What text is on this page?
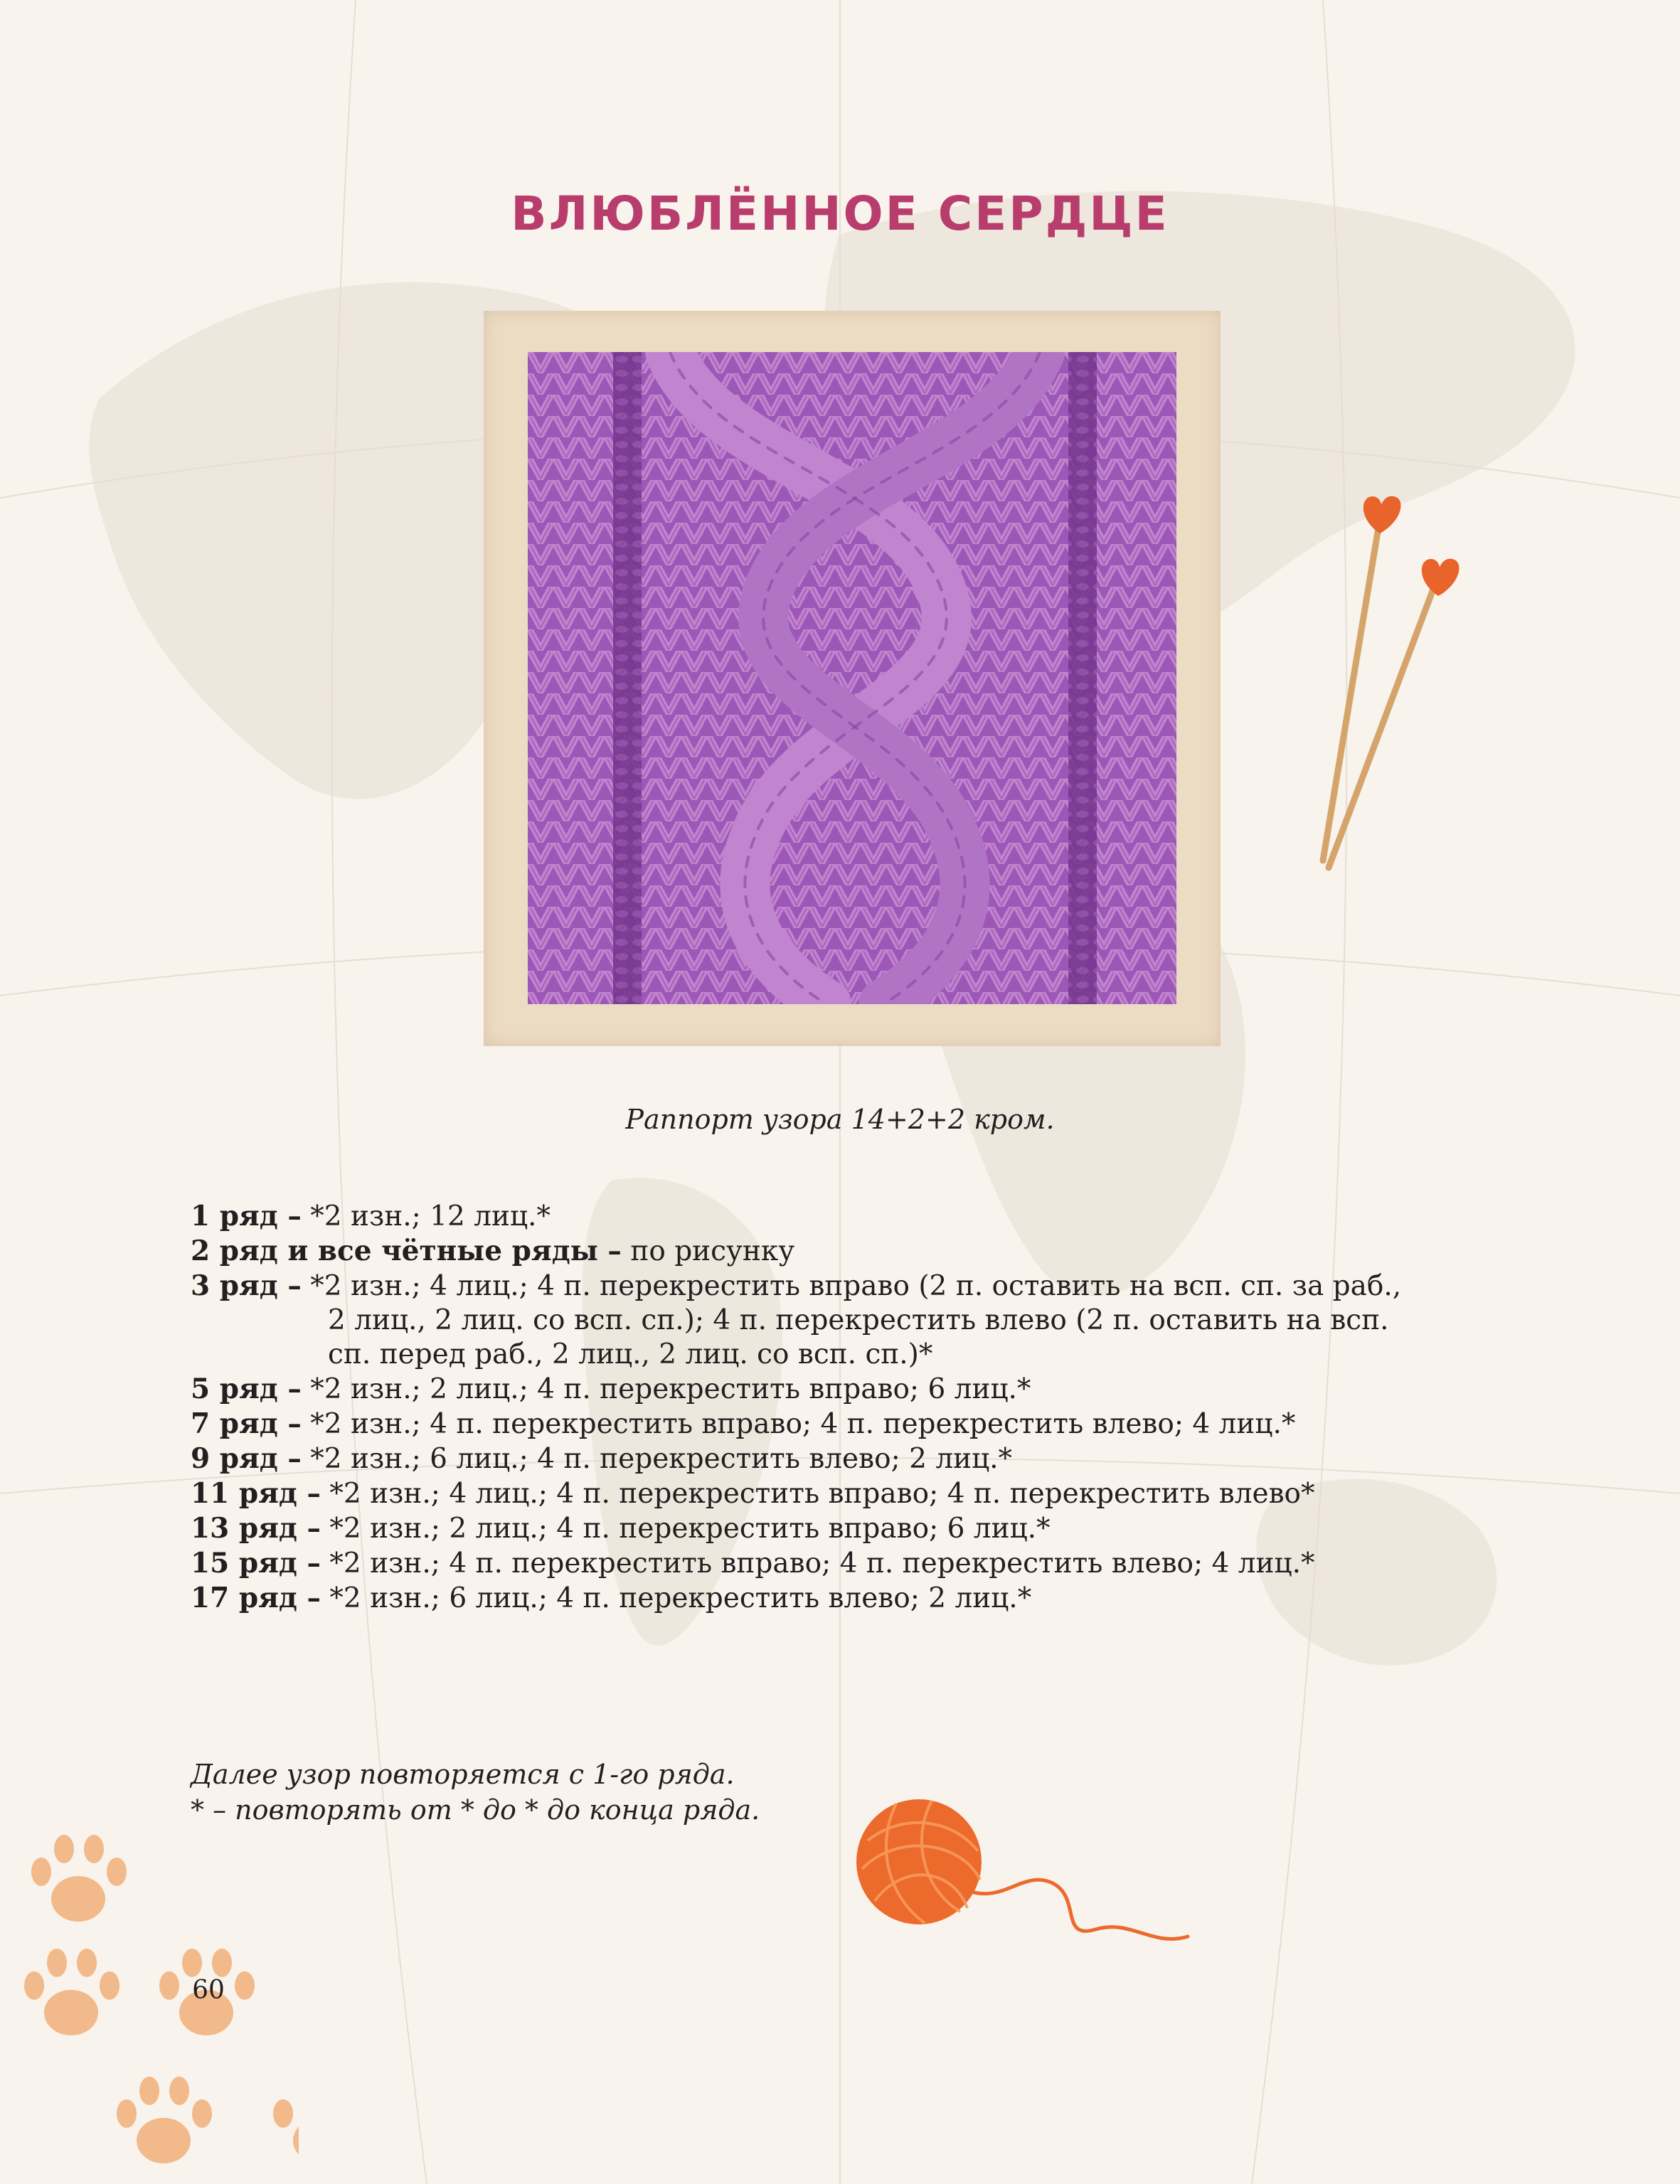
ВЛЮБЛЁННОЕ СЕРДЦЕ
Раппорт узора 14+2+2 кром.
1 ряд – *2 изн.; 12 лиц.*
2 ряд и все чётные ряды – по рисунку
3 ряд – *2 изн.; 4 лиц.; 4 п. перекрестить вправо (2 п. оставить на всп. сп. за раб.,
2 лиц., 2 лиц. со всп. сп.); 4 п. перекрестить влево (2 п. оставить на всп.
сп. перед раб., 2 лиц., 2 лиц. со всп. сп.)*
5 ряд – *2 изн.; 2 лиц.; 4 п. перекрестить вправо; 6 лиц.*
7 ряд – *2 изн.; 4 п. перекрестить вправо; 4 п. перекрестить влево; 4 лиц.*
9 ряд – *2 изн.; 6 лиц.; 4 п. перекрестить влево; 2 лиц.*
11 ряд – *2 изн.; 4 лиц.; 4 п. перекрестить вправо; 4 п. перекрестить влево*
13 ряд – *2 изн.; 2 лиц.; 4 п. перекрестить вправо; 6 лиц.*
15 ряд – *2 изн.; 4 п. перекрестить вправо; 4 п. перекрестить влево; 4 лиц.*
17 ряд – *2 изн.; 6 лиц.; 4 п. перекрестить влево; 2 лиц.*
Далее узор повторяется с 1-го ряда.
* – повторять от * до * до конца ряда.
60
